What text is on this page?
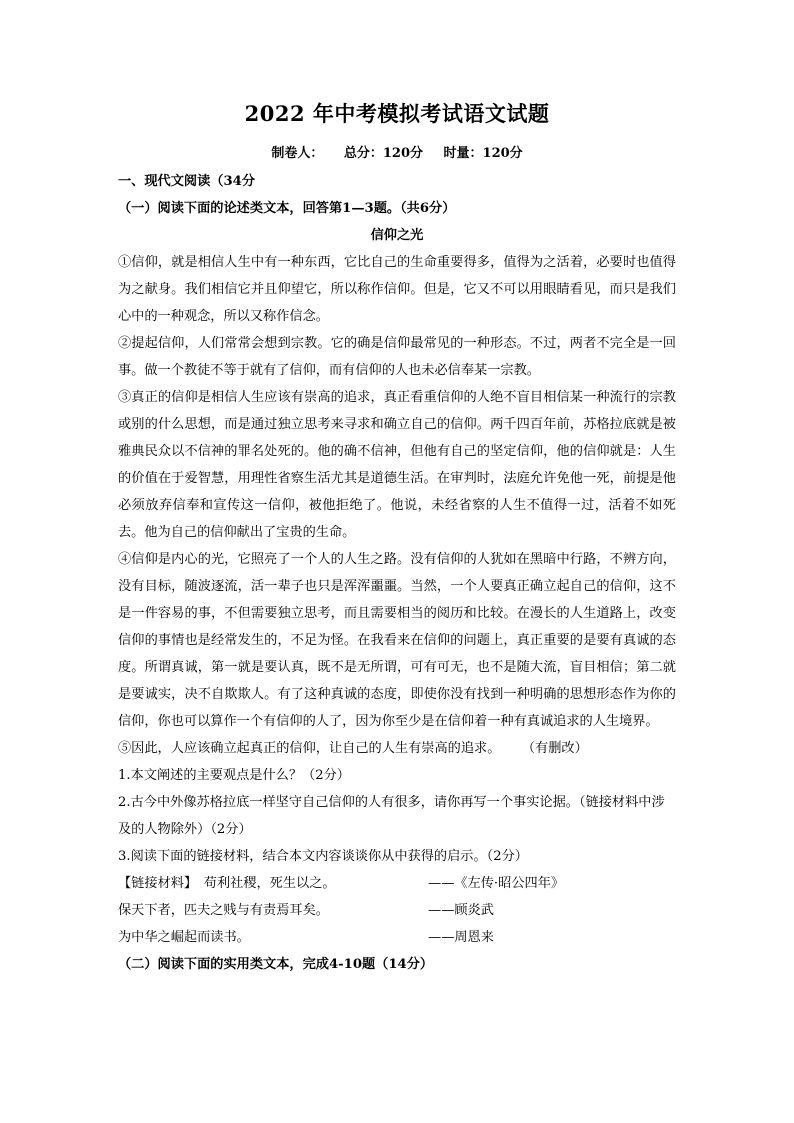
2022 年中考模拟考试语文试题
制卷人： 总分：120分 时量：120分

一、现代文阅读（34分

（一）阅读下面的论述类文本，回答第1—3题。（共6分）

信仰之光

①信仰，就是相信人生中有一种东西，它比自己的生命重要得多，值得为之活着，必要时也值得为之献身。我们相信它并且仰望它，所以称作信仰。但是，它又不可以用眼睛看见，而只是我们心中的一种观念，所以又称作信念。

②提起信仰，人们常常会想到宗教。它的确是信仰最常见的一种形态。不过，两者不完全是一回事。做一个教徒不等于就有了信仰，而有信仰的人也未必信奉某一宗教。

③真正的信仰是相信人生应该有崇高的追求，真正看重信仰的人绝不盲目相信某一种流行的宗教或别的什么思想，而是通过独立思考来寻求和确立自己的信仰。两千四百年前，苏格拉底就是被雅典民众以不信神的罪名处死的。他的确不信神，但他有自己的坚定信仰，他的信仰就是：人生的价值在于爱智慧，用理性省察生活尤其是道德生活。在审判时，法庭允许免他一死，前提是他必须放弃信奉和宣传这一信仰，被他拒绝了。他说，未经省察的人生不值得一过，活着不如死去。他为自己的信仰献出了宝贵的生命。

④信仰是内心的光，它照亮了一个人的人生之路。没有信仰的人犹如在黑暗中行路，不辨方向，没有目标，随波逐流，活一辈子也只是浑浑噩噩。当然，一个人要真正确立起自己的信仰，这不是一件容易的事，不但需要独立思考，而且需要相当的阅历和比较。在漫长的人生道路上，改变信仰的事情也是经常发生的，不足为怪。在我看来在信仰的问题上，真正重要的是要有真诚的态度。所谓真诚，第一就是要认真，既不是无所谓，可有可无，也不是随大流，盲目相信；第二就是要诚实，决不自欺欺人。有了这种真诚的态度，即使你没有找到一种明确的思想形态作为你的信仰，你也可以算作一个有信仰的人了，因为你至少是在信仰着一种有真诚追求的人生境界。

⑤因此，人应该确立起真正的信仰，让自己的人生有崇高的追求。 （有删改）

1.本文阐述的主要观点是什么？（2分）

2.古今中外像苏格拉底一样坚守自己信仰的人有很多，请你再写一个事实论据。（链接材料中涉及的人物除外）（2分）

3.阅读下面的链接材料，结合本文内容谈谈你从中获得的启示。（2分）

【链接材料】　苟利社稷，死生以之。	——《左传·昭公四年》
保天下者，匹夫之贱与有责焉耳矣。	——顾炎武
为中华之崛起而读书。	——周恩来

（二）阅读下面的实用类文本，完成4-10题（14分）
